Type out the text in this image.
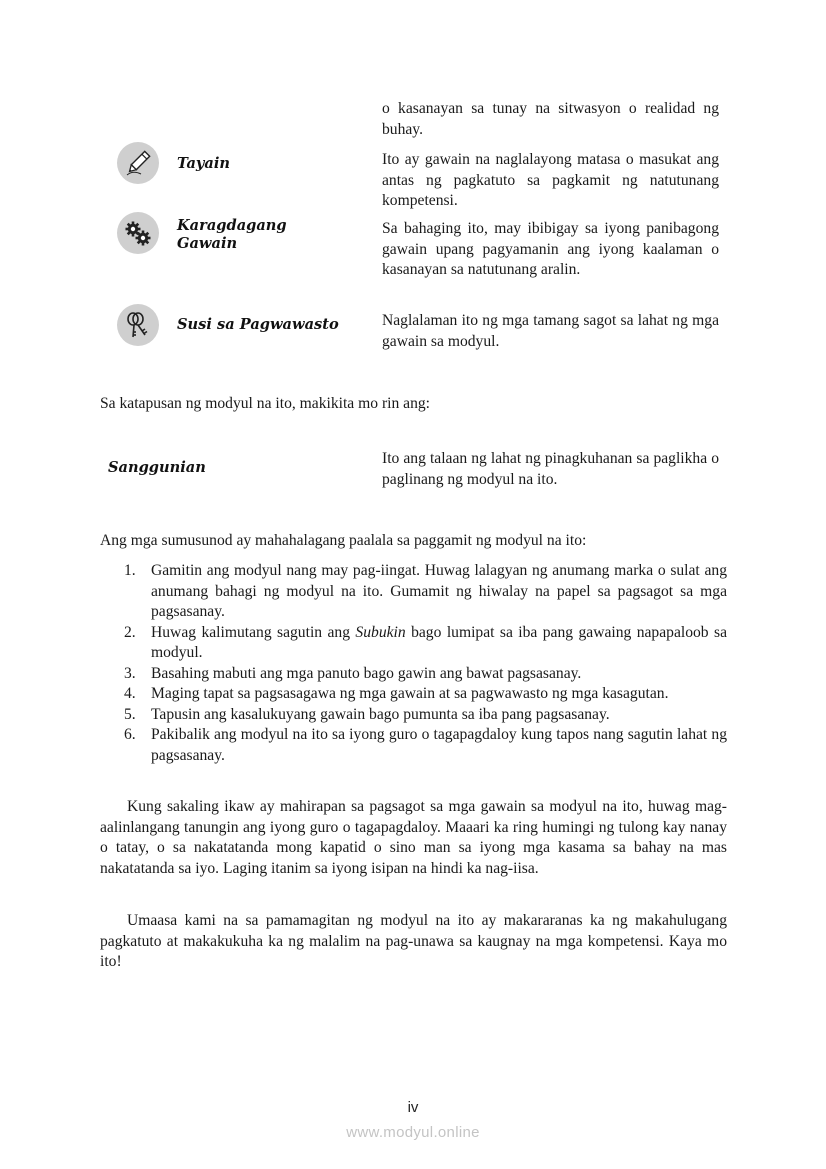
o kasanayan sa tunay na sitwasyon o realidad ng buhay.
Tayain	Ito ay gawain na naglalayong matasa o masukat ang antas ng pagkatuto sa pagkamit ng natutunang kompetensi.
Karagdagang
Gawain
Sa bahaging ito, may ibibigay sa iyong panibagong gawain upang pagyamanin ang iyong kaalaman o kasanayan sa natutunang aralin.
Susi sa Pagwawasto	Naglalaman ito ng mga tamang sagot sa lahat ng mga gawain sa modyul.
Sa katapusan ng modyul na ito, makikita mo rin ang:
Sanggunian
Ito ang talaan ng lahat ng pinagkuhanan sa paglikha o paglinang ng modyul na ito.
Ang mga sumusunod ay mahahalagang paalala sa paggamit ng modyul na ito:
1. Gamitin ang modyul nang may pag-iingat. Huwag lalagyan ng anumang marka o sulat ang anumang bahagi ng modyul na ito. Gumamit ng hiwalay na papel sa pagsagot sa mga pagsasanay.
2. Huwag kalimutang sagutin ang Subukin bago lumipat sa iba pang gawaing napapaloob sa modyul.
3. Basahing mabuti ang mga panuto bago gawin ang bawat pagsasanay.
4. Maging tapat sa pagsasagawa ng mga gawain at sa pagwawasto ng mga kasagutan.
5. Tapusin ang kasalukuyang gawain bago pumunta sa iba pang pagsasanay.
6. Pakibalik ang modyul na ito sa iyong guro o tagapagdaloy kung tapos nang sagutin lahat ng pagsasanay.
Kung sakaling ikaw ay mahirapan sa pagsagot sa mga gawain sa modyul na ito, huwag mag-aalinlangang tanungin ang iyong guro o tagapagdaloy. Maaari ka ring humingi ng tulong kay nanay o tatay, o sa nakatatanda mong kapatid o sino man sa iyong mga kasama sa bahay na mas nakatatanda sa iyo. Laging itanim sa iyong isipan na hindi ka nag-iisa.
Umaasa kami na sa pamamagitan ng modyul na ito ay makararanas ka ng makahulugang pagkatuto at makakukuha ka ng malalim na pag-unawa sa kaugnay na mga kompetensi. Kaya mo ito!
iv
www.modyul.online
